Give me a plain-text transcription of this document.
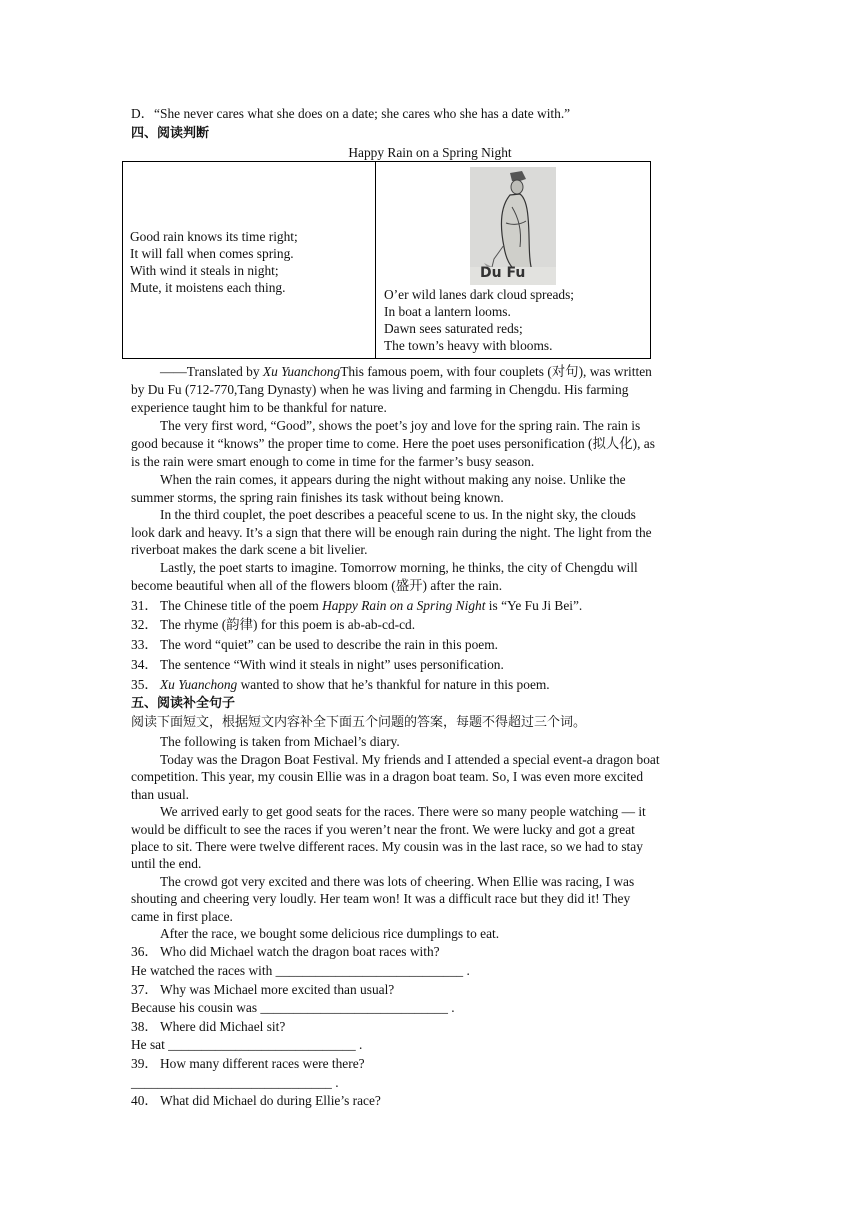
D．“She never cares what she does on a date; she cares who she has a date with.”
四、阅读判断
Happy Rain on a Spring Night
Good rain knows its time right;
It will fall when comes spring.
With wind it steals in night;
Mute, it moistens each thing.
Du Fu
O’er wild lanes dark cloud spreads;
In boat a lantern looms.
Dawn sees saturated reds;
The town’s heavy with blooms.
——Translated by Xu YuanchongThis famous poem, with four couplets (对句), was written
by Du Fu (712-770,Tang Dynasty) when he was living and farming in Chengdu. His farming
experience taught him to be thankful for nature.
The very first word, “Good”, shows the poet’s joy and love for the spring rain. The rain is
good because it “knows” the proper time to come. Here the poet uses personification (拟人化), as
is the rain were smart enough to come in time for the farmer’s busy season.
When the rain comes, it appears during the night without making any noise. Unlike the
summer storms, the spring rain finishes its task without being known.
In the third couplet, the poet describes a peaceful scene to us. In the night sky, the clouds
look dark and heavy. It’s a sign that there will be enough rain during the night. The light from the
riverboat makes the dark scene a bit livelier.
Lastly, the poet starts to imagine. Tomorrow morning, he thinks, the city of Chengdu will
become beautiful when all of the flowers bloom (盛开) after the rain.
31． The Chinese title of the poem Happy Rain on a Spring Night is “Ye Fu Ji Bei”.
32． The rhyme (韵律) for this poem is ab-ab-cd-cd.
33． The word “quiet” can be used to describe the rain in this poem.
34． The sentence “With wind it steals in night” uses personification.
35． Xu Yuanchong wanted to show that he’s thankful for nature in this poem.
五、阅读补全句子
阅读下面短文，根据短文内容补全下面五个问题的答案，每题不得超过三个词。
The following is taken from Michael’s diary.
Today was the Dragon Boat Festival. My friends and I attended a special event-a dragon boat
competition. This year, my cousin Ellie was in a dragon boat team. So, I was even more excited
than usual.
We arrived early to get good seats for the races. There were so many people watching — it
would be difficult to see the races if you weren’t near the front. We were lucky and got a great
place to sit. There were twelve different races. My cousin was in the last race, so we had to stay
until the end.
The crowd got very excited and there was lots of cheering. When Ellie was racing, I was
shouting and cheering very loudly. Her team won! It was a difficult race but they did it! They
came in first place.
After the race, we bought some delicious rice dumplings to eat.
36． Who did Michael watch the dragon boat races with?
He watched the races with ____________________________ .
37． Why was Michael more excited than usual?
Because his cousin was ____________________________ .
38． Where did Michael sit?
He sat ____________________________ .
39． How many different races were there?
______________________________ .
40． What did Michael do during Ellie’s race?
